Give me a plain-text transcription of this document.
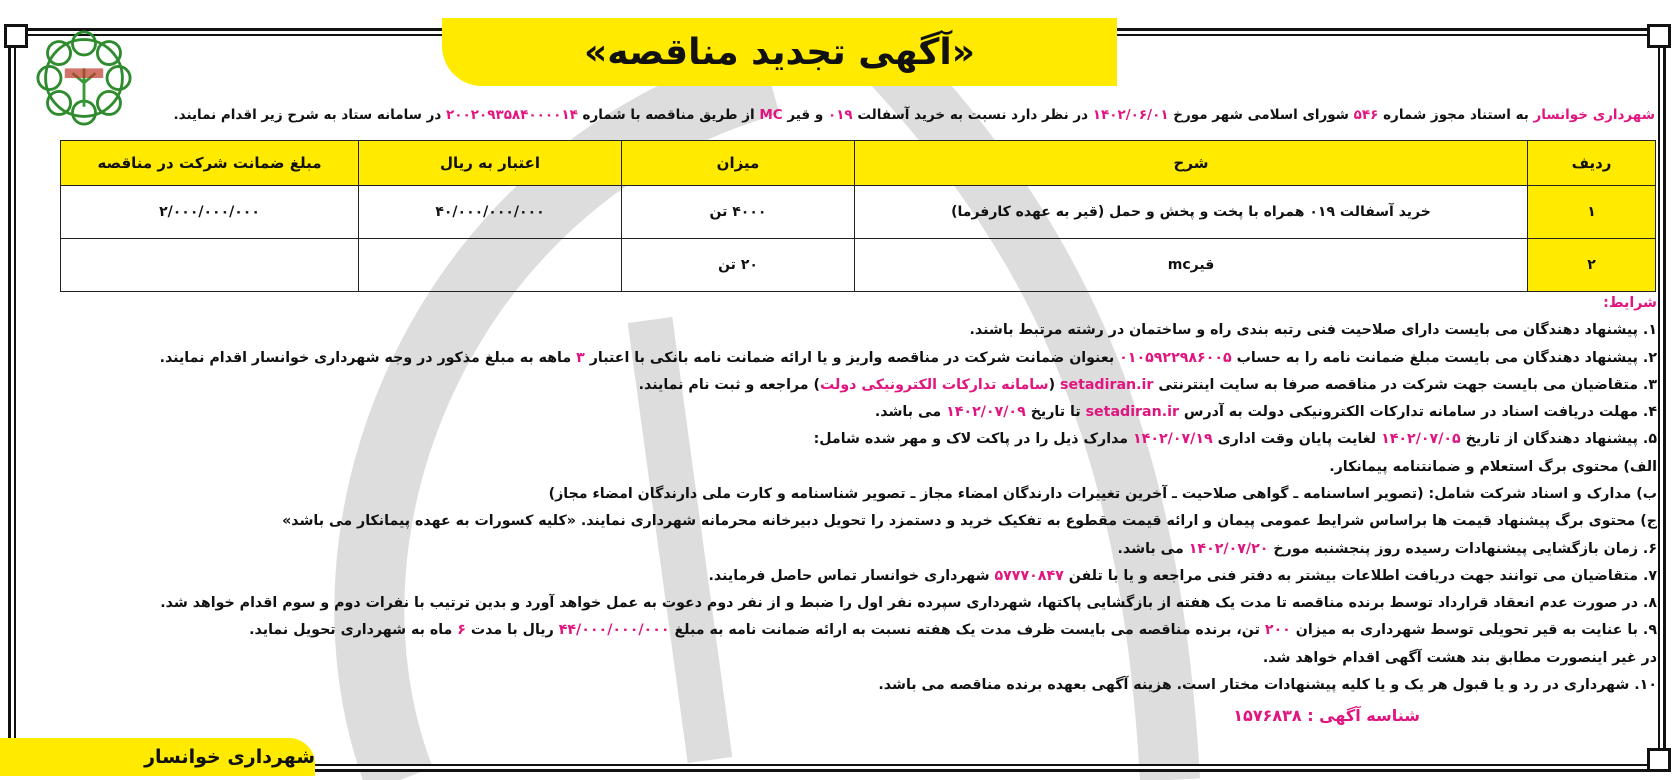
«آگهی تجدید مناقصه»
شهرداری خوانسار به استناد مجوز شماره ۵۴۶ شورای اسلامی شهر مورخ ۱۴۰۲/۰۶/۰۱ در نظر دارد نسبت به خرید آسفالت ۰۱۹ و قیر MC از طریق مناقصه با شماره ۲۰۰۲۰۹۳۵۸۴۰۰۰۰۱۴ در سامانه ستاد به شرح زیر اقدام نمایند.
ردیف	شرح	میزان	اعتبار به ریال	مبلغ ضمانت شرکت در مناقصه
۱	خرید آسفالت ۰۱۹ همراه با پخت و پخش و حمل (قیر به عهده کارفرما)	۴۰۰۰ تن	۴۰/۰۰۰/۰۰۰/۰۰۰	۲/۰۰۰/۰۰۰/۰۰۰
۲	قیرmc	۲۰ تن		
شرایط:
۱. پیشنهاد دهندگان می بایست دارای صلاحیت فنی رتبه بندی راه و ساختمان در رشته مرتبط باشند.
۲. پیشنهاد دهندگان می بایست مبلغ ضمانت نامه را به حساب ۰۱۰۵۹۲۲۹۸۶۰۰۵ بعنوان ضمانت شرکت در مناقصه واریز و یا ارائه ضمانت نامه بانکی با اعتبار ۳ ماهه به مبلغ مذکور در وجه شهرداری خوانسار اقدام نمایند.
۳. متقاضیان می بایست جهت شرکت در مناقصه صرفا به سایت اینترنتی setadiran.ir (سامانه تدارکات الکترونیکی دولت) مراجعه و ثبت نام نمایند.
۴. مهلت دریافت اسناد در سامانه تدارکات الکترونیکی دولت به آدرس setadiran.ir تا تاریخ ۱۴۰۲/۰۷/۰۹ می باشد.
۵. پیشنهاد دهندگان از تاریخ ۱۴۰۲/۰۷/۰۵ لغایت پایان وقت اداری ۱۴۰۲/۰۷/۱۹ مدارک ذیل را در پاکت لاک و مهر شده شامل:
الف) محتوی برگ استعلام و ضمانتنامه پیمانکار.
ب) مدارک و اسناد شرکت شامل: (تصویر اساسنامه ـ گواهی صلاحیت ـ آخرین تغییرات دارندگان امضاء مجاز ـ تصویر شناسنامه و کارت ملی دارندگان امضاء مجاز)
ج) محتوی برگ پیشنهاد قیمت ها براساس شرایط عمومی پیمان و ارائه قیمت مقطوع به تفکیک خرید و دستمزد را تحویل دبیرخانه محرمانه شهرداری نمایند. «کلیه کسورات به عهده پیمانکار می باشد»
۶. زمان بازگشایی پیشنهادات رسیده روز پنجشنبه مورخ ۱۴۰۲/۰۷/۲۰ می باشد.
۷. متقاضیان می توانند جهت دریافت اطلاعات بیشتر به دفتر فنی مراجعه و یا با تلفن ۵۷۷۷۰۸۴۷ شهرداری خوانسار تماس حاصل فرمایند.
۸. در صورت عدم انعقاد قرارداد توسط برنده مناقصه تا مدت یک هفته از بازگشایی پاکتها، شهرداری سپرده نفر اول را ضبط و از نفر دوم دعوت به عمل خواهد آورد و بدین ترتیب با نفرات دوم و سوم اقدام خواهد شد.
۹. با عنایت به قیر تحویلی توسط شهرداری به میزان ۲۰۰ تن، برنده مناقصه می بایست ظرف مدت یک هفته نسبت به ارائه ضمانت نامه به مبلغ ۴۴/۰۰۰/۰۰۰/۰۰۰ ریال با مدت ۶ ماه به شهرداری تحویل نماید.
در غیر اینصورت مطابق بند هشت آگهی اقدام خواهد شد.
۱۰. شهرداری در رد و یا قبول هر یک و یا کلیه پیشنهادات مختار است. هزینه آگهی بعهده برنده مناقصه می باشد.
شناسه آگهی : ۱۵۷۶۸۳۸
شهرداری خوانسار
